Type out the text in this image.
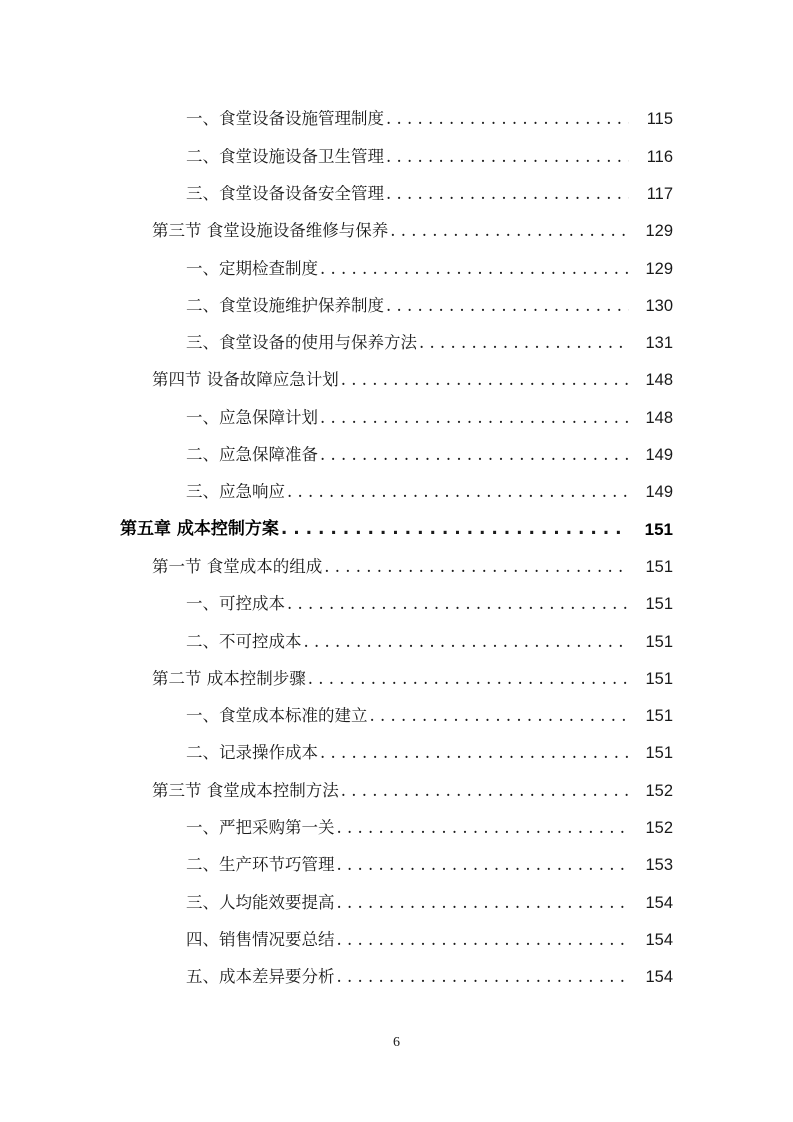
一、食堂设备设施管理制度 . . .	115
二、食堂设施设备卫生管理 . . .	116
三、食堂设备设备安全管理 . . .	117
第三节 食堂设施设备维修与保养 . . .	129
一、定期检查制度 . . .	129
二、食堂设施维护保养制度 . . .	130
三、食堂设备的使用与保养方法 . . .	131
第四节 设备故障应急计划 . . .	148
一、应急保障计划 . . .	148
二、应急保障准备 . . .	149
三、应急响应 . . .	149
第五章 成本控制方案 . . .	151
第一节 食堂成本的组成 . . .	151
一、可控成本 . . .	151
二、不可控成本 . . .	151
第二节 成本控制步骤 . . .	151
一、食堂成本标准的建立 . . .	151
二、记录操作成本 . . .	151
第三节 食堂成本控制方法 . . .	152
一、严把采购第一关 . . .	152
二、生产环节巧管理 . . .	153
三、人均能效要提高 . . .	154
四、销售情况要总结 . . .	154
五、成本差异要分析 . . .	154
6
